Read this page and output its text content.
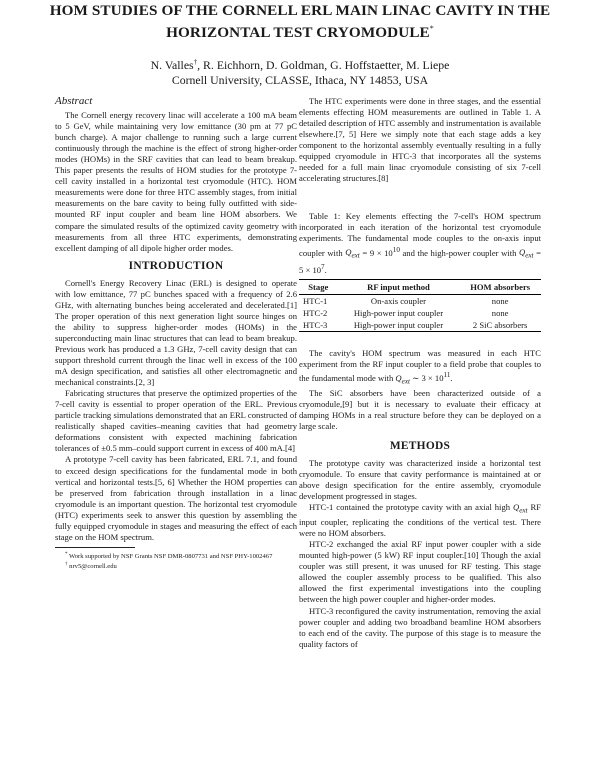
HOM STUDIES OF THE CORNELL ERL MAIN LINAC CAVITY IN THE
HORIZONTAL TEST CRYOMODULE*
N. Valles†, R. Eichhorn, D. Goldman, G. Hoffstaetter, M. Liepe
Cornell University, CLASSE, Ithaca, NY 14853, USA
Abstract

The Cornell energy recovery linac will accelerate a 100 mA beam to 5 GeV, while maintaining very low emittance (30 pm at 77 pC bunch charge). A major challenge to running such a large current continuously through the machine is the effect of strong higher-order modes (HOMs) in the SRF cavities that can lead to beam breakup. This paper presents the results of HOM studies for the prototype 7-cell cavity installed in a horizontal test cryomodule (HTC). HOM measurements were done for three HTC assembly stages, from initial measurements on the bare cavity to being fully outfitted with side-mounted RF input coupler and beam line HOM absorbers. We compare the simulated results of the optimized cavity geometry with measurements from all three HTC experiments, demonstrating excellent damping of all dipole higher order modes.

INTRODUCTION

Cornell's Energy Recovery Linac (ERL) is designed to operate with low emittance, 77 pC bunches spaced with a frequency of 2.6 GHz, with alternating bunches being accelerated and decelerated.[1] The proper operation of this next generation light source hinges on the ability to suppress higher-order modes (HOMs) in the superconducting main linac structures that can lead to beam breakup. Previous work has produced a 1.3 GHz, 7-cell cavity design that can support threshold current through the linac well in excess of the 100 mA design specification, and satisfies all other electromagnetic and mechanical constraints.[2, 3]

Fabricating structures that preserve the optimized properties of the 7-cell cavity is essential to proper operation of the ERL. Previous particle tracking simulations demonstrated that an ERL constructed of realistically shaped cavities–meaning cavities that had geometry deformations consistent with expected machining fabrication tolerances of ±0.5 mm–could support current in excess of 400 mA.[4]

A prototype 7-cell cavity has been fabricated, ERL 7.1, and found to exceed design specifications for the fundamental mode in both vertical and horizontal tests.[5, 6] Whether the HOM properties can be preserved from fabrication through installation in a linac cryomodule is an important question. The horizontal test cryomodule (HTC) experiments seek to answer this question by assembling the fully equipped cryomodule in stages and measuring the effect of each stage on the HOM spectrum.

* Work supported by NSF Grants NSF DMR-0807731 and NSF PHY-1002467

† nrv5@cornell.edu

The HTC experiments were done in three stages, and the essential elements effecting HOM measurements are outlined in Table 1. A detailed description of HTC assembly and instrumentation is available elsewhere.[7, 5] Here we simply note that each stage adds a key component to the horizontal assembly eventually resulting in a fully equipped cryomodule in HTC-3 that incorporates all the systems needed for a full main linac cryomodule consisting of six 7-cell accelerating structures.[8]

Table 1: Key elements effecting the 7-cell's HOM spectrum incorporated in each iteration of the horizontal test cryomodule experiments. The fundamental mode couples to the on-axis input coupler with $Q_{ext} = 9 \times 10^{10}$ and the high-power coupler with $Q_{ext} = 5 \times 10^7$.

Stage	RF input method	HOM absorbers
HTC-1	On-axis coupler	none
HTC-2	High-power input coupler	none
HTC-3	High-power input coupler	2 SiC absorbers

The cavity's HOM spectrum was measured in each HTC experiment from the RF input coupler to a field probe that couples to the fundamental mode with $Q_{ext}$ ∼ $3 \times 10^{11}$.

The SiC absorbers have been characterized outside of a cryomodule,[9] but it is necessary to evaluate their efficacy at damping HOMs in a real structure before they can be deployed on a large scale.

METHODS

The prototype cavity was characterized inside a horizontal test cryomodule. To ensure that cavity performance is maintained at or above design specification for the entire assembly, cryomodule development progressed in stages.

HTC-1 contained the prototype cavity with an axial high $Q_{ext}$ RF input coupler, replicating the conditions of the vertical test. There were no HOM absorbers.

HTC-2 exchanged the axial RF input power coupler with a side mounted high-power (5 kW) RF input coupler.[10] Though the axial coupler was still present, it was unused for RF testing. This stage allowed the coupler assembly process to be qualified. This also allowed the first experimental investigations into the coupling between the high power coupler and higher-order modes.

HTC-3 reconfigured the cavity instrumentation, removing the axial power coupler and adding two broadband beamline HOM absorbers to each end of the cavity. The purpose of this stage is to measure the quality factors of
